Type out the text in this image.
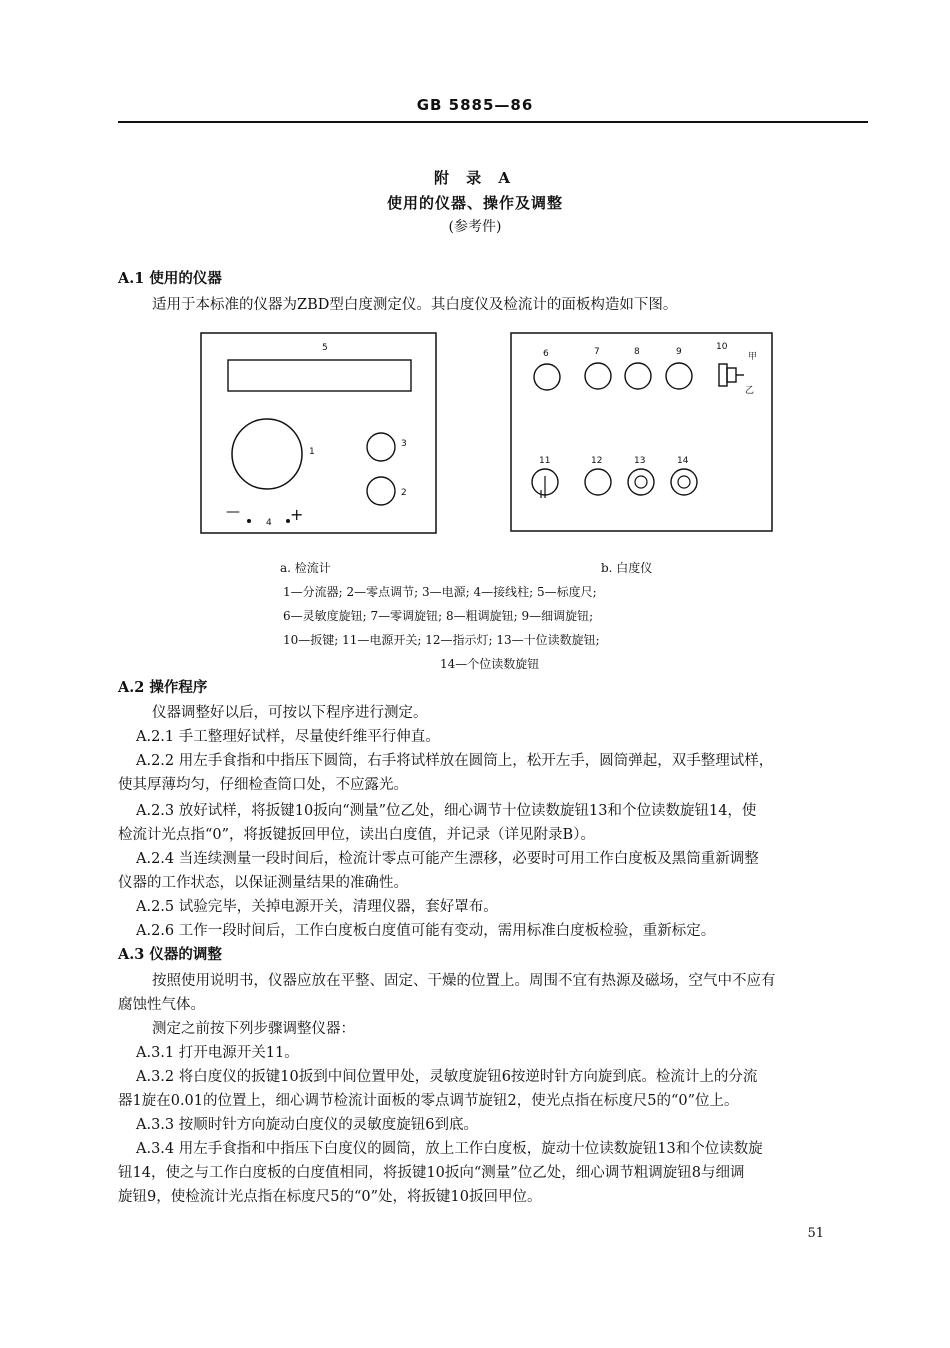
GB 5885—86
附 录 A
使用的仪器、操作及调整
(参考件)
A.1 使用的仪器
适用于本标准的仪器为ZBD型白度测定仪。其白度仪及检流计的面板构造如下图。
5
1
3
2
—
4 +
6	7	8	9	10
甲
乙
11	12	13	14
a. 检流计	b. 白度仪
1—分流器; 2—零点调节; 3—电源; 4—接线柱; 5—标度尺;
6—灵敏度旋钮; 7—零调旋钮; 8—粗调旋钮; 9—细调旋钮;
10—扳键; 11—电源开关; 12—指示灯; 13—十位读数旋钮;
14—个位读数旋钮
A.2 操作程序
仪器调整好以后，可按以下程序进行测定。
A.2.1 手工整理好试样，尽量使纤维平行伸直。
A.2.2 用左手食指和中指压下圆筒，右手将试样放在圆筒上，松开左手，圆筒弹起，双手整理试样，
使其厚薄均匀，仔细检查筒口处，不应露光。
A.2.3 放好试样，将扳键10扳向“测量”位乙处，细心调节十位读数旋钮13和个位读数旋钮14，使
检流计光点指“0”，将扳键扳回甲位，读出白度值，并记录（详见附录B）。
A.2.4 当连续测量一段时间后，检流计零点可能产生漂移，必要时可用工作白度板及黑筒重新调整
仪器的工作状态，以保证测量结果的准确性。
A.2.5 试验完毕，关掉电源开关，清理仪器，套好罩布。
A.2.6 工作一段时间后，工作白度板白度值可能有变动，需用标准白度板检验，重新标定。
A.3 仪器的调整
按照使用说明书，仪器应放在平整、固定、干燥的位置上。周围不宜有热源及磁场，空气中不应有
腐蚀性气体。
测定之前按下列步骤调整仪器：
A.3.1 打开电源开关11。
A.3.2 将白度仪的扳键10扳到中间位置甲处，灵敏度旋钮6按逆时针方向旋到底。检流计上的分流
器1旋在0.01的位置上，细心调节检流计面板的零点调节旋钮2，使光点指在标度尺5的“0”位上。
A.3.3 按顺时针方向旋动白度仪的灵敏度旋钮6到底。
A.3.4 用左手食指和中指压下白度仪的圆筒，放上工作白度板，旋动十位读数旋钮13和个位读数旋
钮14，使之与工作白度板的白度值相同，将扳键10扳向“测量”位乙处，细心调节粗调旋钮8与细调
旋钮9，使检流计光点指在标度尺5的“0”处，将扳键10扳回甲位。
51
